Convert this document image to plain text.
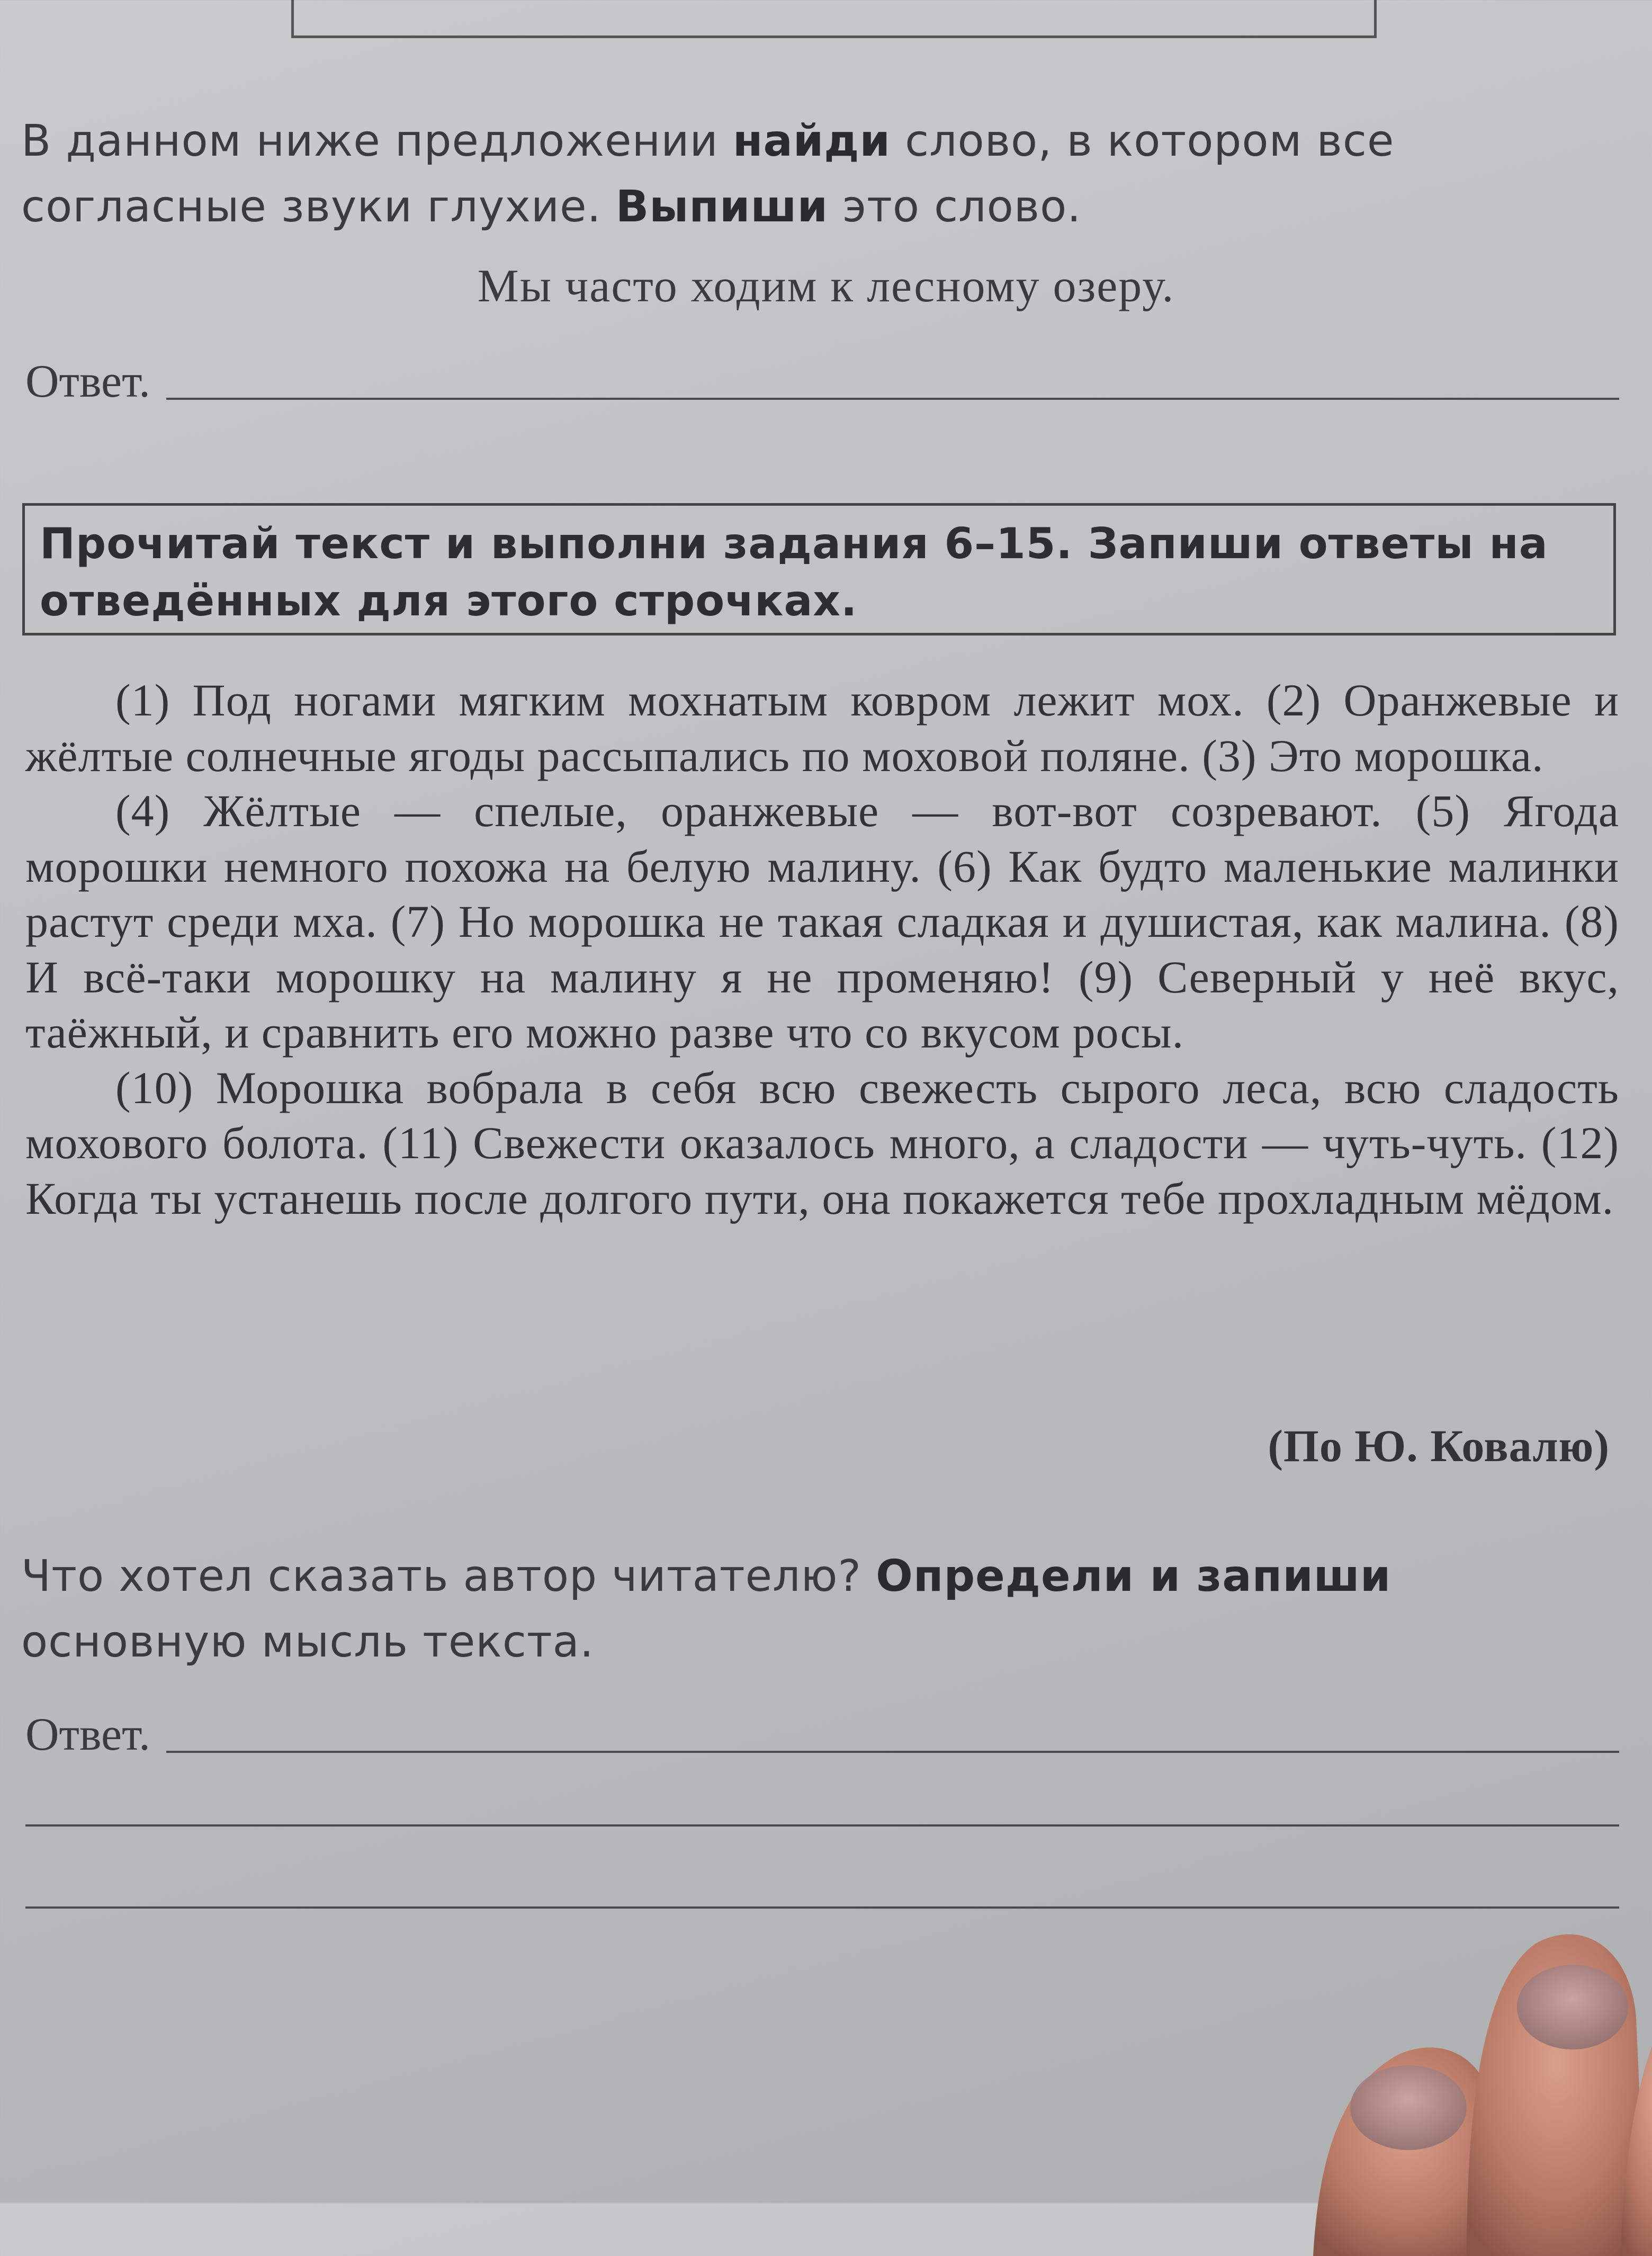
В данном ниже предложении найди слово, в котором все согласные звуки глухие. Выпиши это слово.
Мы часто ходим к лесному озеру.
Ответ.
Прочитай текст и выполни задания 6–15. Запиши ответы на отведённых для этого строчках.

(1) Под ногами мягким мохнатым ковром лежит мох. (2) Оранжевые и жёлтые солнечные ягоды рассыпались по моховой поляне. (3) Это морошка.

(4) Жёлтые — спелые, оранжевые — вот-вот созревают. (5) Ягода морошки немного похожа на белую малину. (6) Как будто маленькие малинки растут среди мха. (7) Но морошка не такая сладкая и душистая, как малина. (8) И всё-таки морошку на малину я не променяю! (9) Северный у неё вкус, таёжный, и сравнить его можно разве что со вкусом росы.

(10) Морошка вобрала в себя всю свежесть сырого леса, всю сладость мохового болота. (11) Свежести оказалось много, а сладости — чуть-чуть. (12) Когда ты устанешь после долгого пути, она покажется тебе прохладным мёдом.

(По Ю. Ковалю)
Что хотел сказать автор читателю? Определи и запиши основную мысль текста.
Ответ.
